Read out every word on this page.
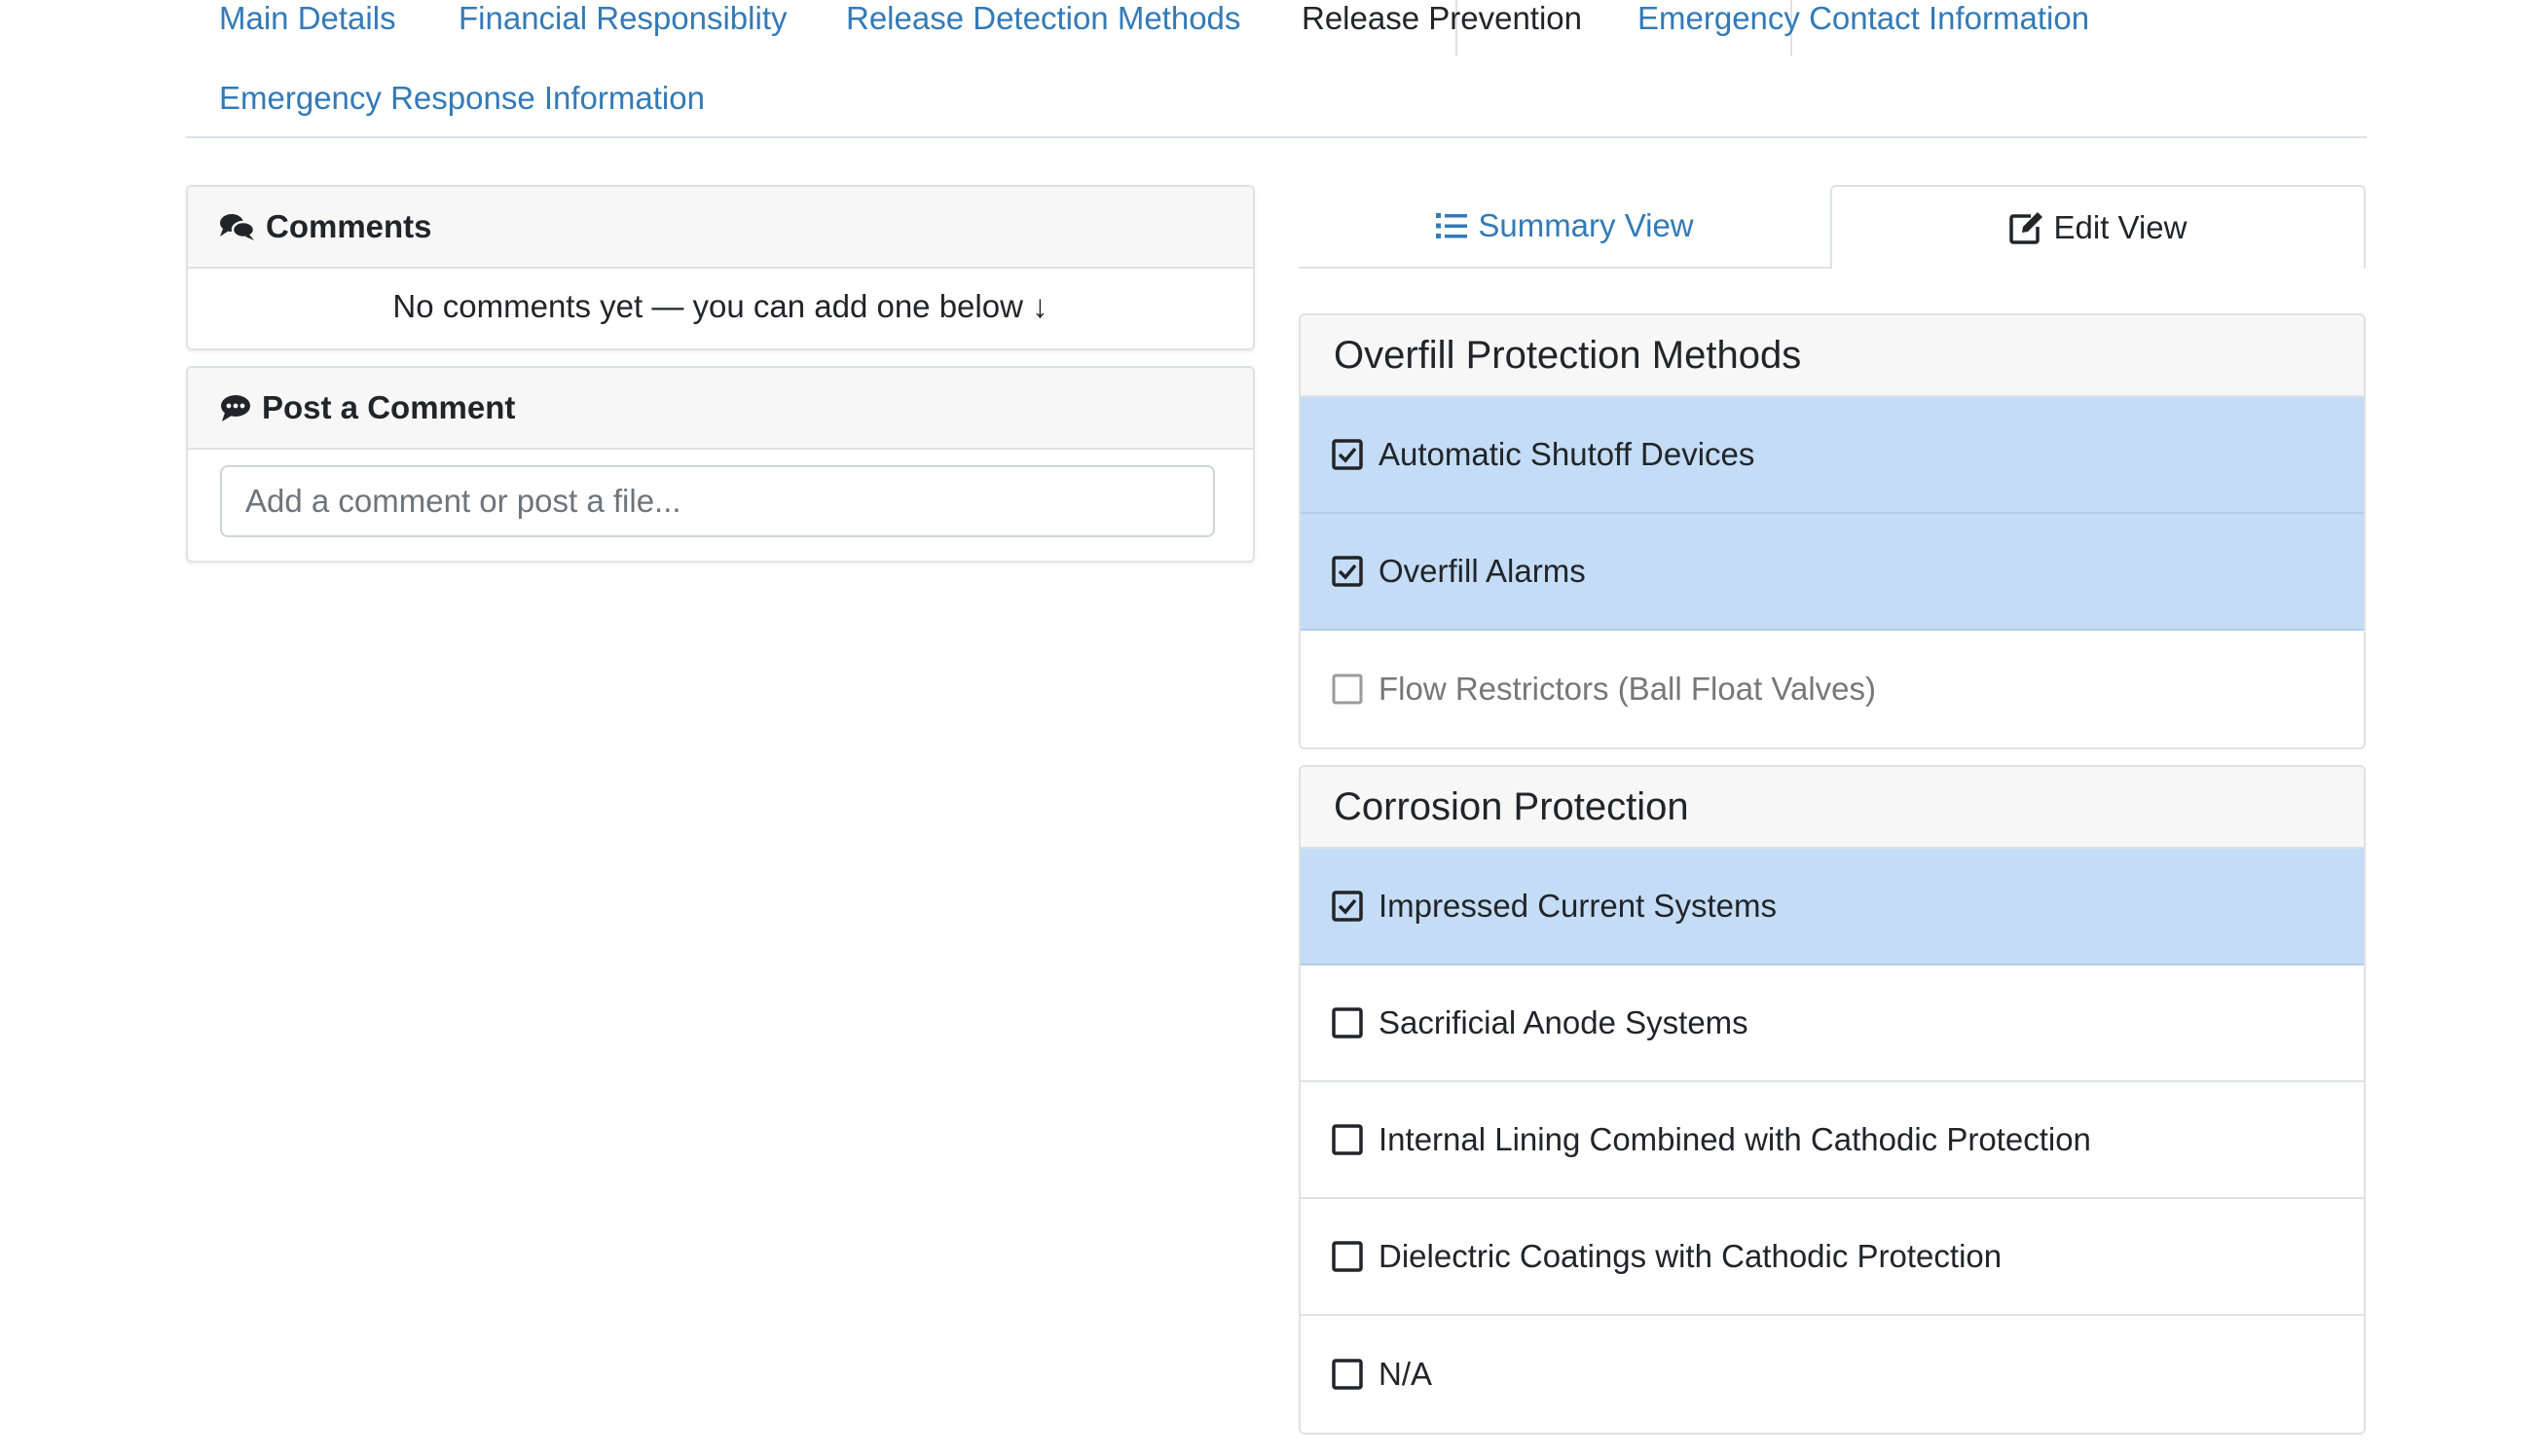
Main Details Financial Responsiblity Release Detection Methods Release Prevention Emergency Contact Information
Emergency Response Information
Comments
No comments yet — you can add one below ↓
Post a Comment
Add a comment or post a file...
Summary View	Edit View
Overfill Protection Methods
Automatic Shutoff Devices
Overfill Alarms
Flow Restrictors (Ball Float Valves)
Corrosion Protection
Impressed Current Systems
Sacrificial Anode Systems
Internal Lining Combined with Cathodic Protection
Dielectric Coatings with Cathodic Protection
N/A
